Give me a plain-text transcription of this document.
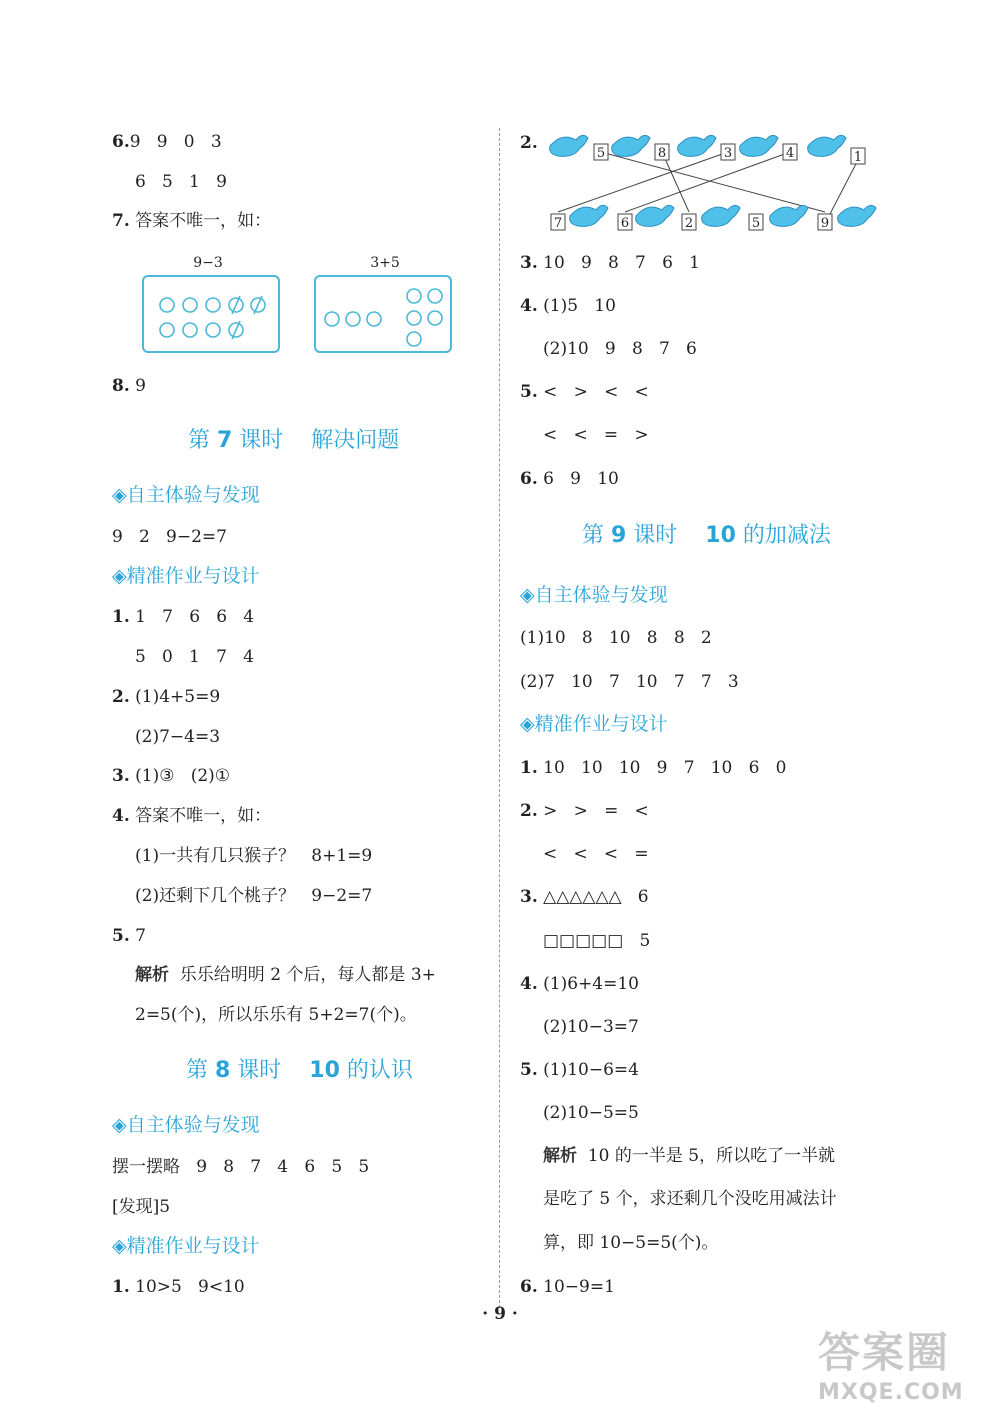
6.9   9   0   3
6   5   1   9
7. 答案不唯一，如：
9−3	3+5
8. 9
第 7 课时    解决问题
◈自主体验与发现
9   2   9−2=7
◈精准作业与设计
1. 1   7   6   6   4
5   0   1   7   4
2. (1)4+5=9
(2)7−4=3
3. (1)③   (2)①
4. 答案不唯一，如：
(1)一共有几只猴子？   8+1=9
(2)还剩下几个桃子？   9−2=7
5. 7
解析  乐乐给明明 2 个后，每人都是 3+
2=5(个)，所以乐乐有 5+2=7(个)。
第 8 课时    10 的认识
◈自主体验与发现
摆一摆略   9   8   7   4   6   5   5
[发现]5
◈精准作业与设计
1. 10>5   9<10
2.
5	8	3	4	1
7	6	2	5	9
3. 10   9   8   7   6   1
4. (1)5   10
(2)10   9   8   7   6
5. <   >   <   <
<   <   =   >
6. 6   9   10
第 9 课时    10 的加减法
◈自主体验与发现
(1)10   8   10   8   8   2
(2)7   10   7   10   7   7   3
◈精准作业与设计
1. 10   10   10   9   7   10   6   0
2. >   >   =   <
<   <   <   =
3. △△△△△△   6
□□□□□   5
4. (1)6+4=10
(2)10−3=7
5. (1)10−6=4
(2)10−5=5
解析  10 的一半是 5，所以吃了一半就
是吃了 5 个，求还剩几个没吃用减法计
算，即 10−5=5(个)。
6. 10−9=1
· 9 ·
答案圈
MXQE.COM
